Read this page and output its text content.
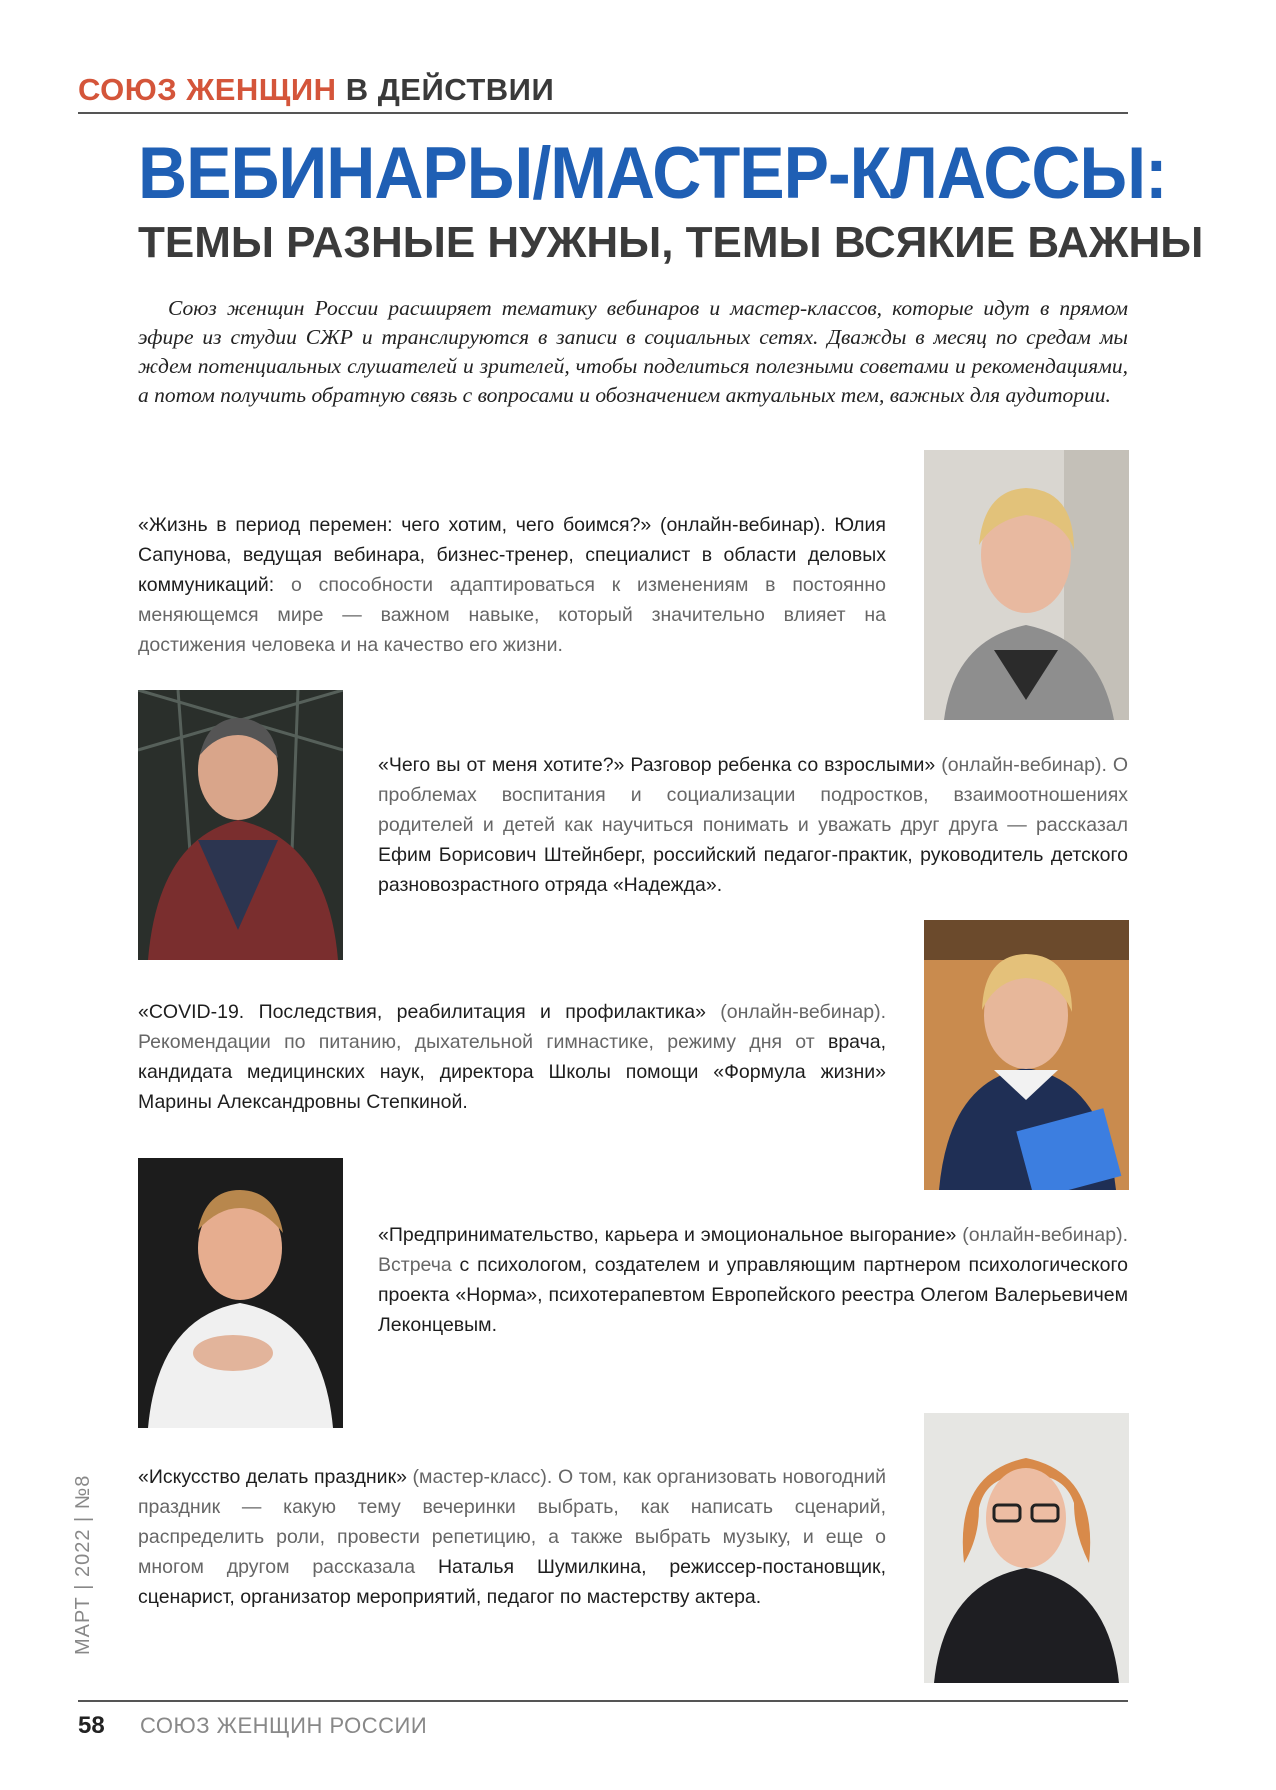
СОЮЗ ЖЕНЩИН В ДЕЙСТВИИ
ВЕБИНАРЫ/МАСТЕР-КЛАССЫ:
ТЕМЫ РАЗНЫЕ НУЖНЫ, ТЕМЫ ВСЯКИЕ ВАЖНЫ
Союз женщин России расширяет тематику вебинаров и мастер-классов, которые идут в прямом эфире из студии СЖР и транслируются в записи в социальных сетях. Дважды в месяц по средам мы ждем потенциальных слушателей и зрителей, чтобы поделиться полезными советами и рекомендациями, а потом получить обратную связь с вопросами и обозначением актуальных тем, важных для аудитории.
«Жизнь в период перемен: чего хотим, чего боимся?» (онлайн-вебинар). Юлия Сапунова, ведущая вебинара, бизнес-тренер, специалист в области деловых коммуникаций: о способности адаптироваться к изменениям в постоянно меняющемся мире — важном навыке, который значительно влияет на достижения человека и на качество его жизни.
«Чего вы от меня хотите?» Разговор ребенка со взрослыми» (онлайн-вебинар). О проблемах воспитания и социализации подростков, взаимоотношениях родителей и детей как научиться понимать и уважать друг друга — рассказал Ефим Борисович Штейнберг, российский педагог-практик, руководитель детского разновозрастного отряда «Надежда».
«COVID-19. Последствия, реабилитация и профилактика» (онлайн-вебинар). Рекомендации по питанию, дыхательной гимнастике, режиму дня от врача, кандидата медицинских наук, директора Школы помощи «Формула жизни» Марины Александровны Степкиной.
«Предпринимательство, карьера и эмоциональное выгорание» (онлайн-вебинар). Встреча с психологом, создателем и управляющим партнером психологического проекта «Норма», психотерапевтом Европейского реестра Олегом Валерьевичем Леконцевым.
«Искусство делать праздник» (мастер-класс). О том, как организовать новогодний праздник — какую тему вечеринки выбрать, как написать сценарий, распределить роли, провести репетицию, а также выбрать музыку, и еще о многом другом рассказала Наталья Шумилкина, режиссер-постановщик, сценарист, организатор мероприятий, педагог по мастерству актера.
МАРТ | 2022 | №8
58 СОЮЗ ЖЕНЩИН РОССИИ
